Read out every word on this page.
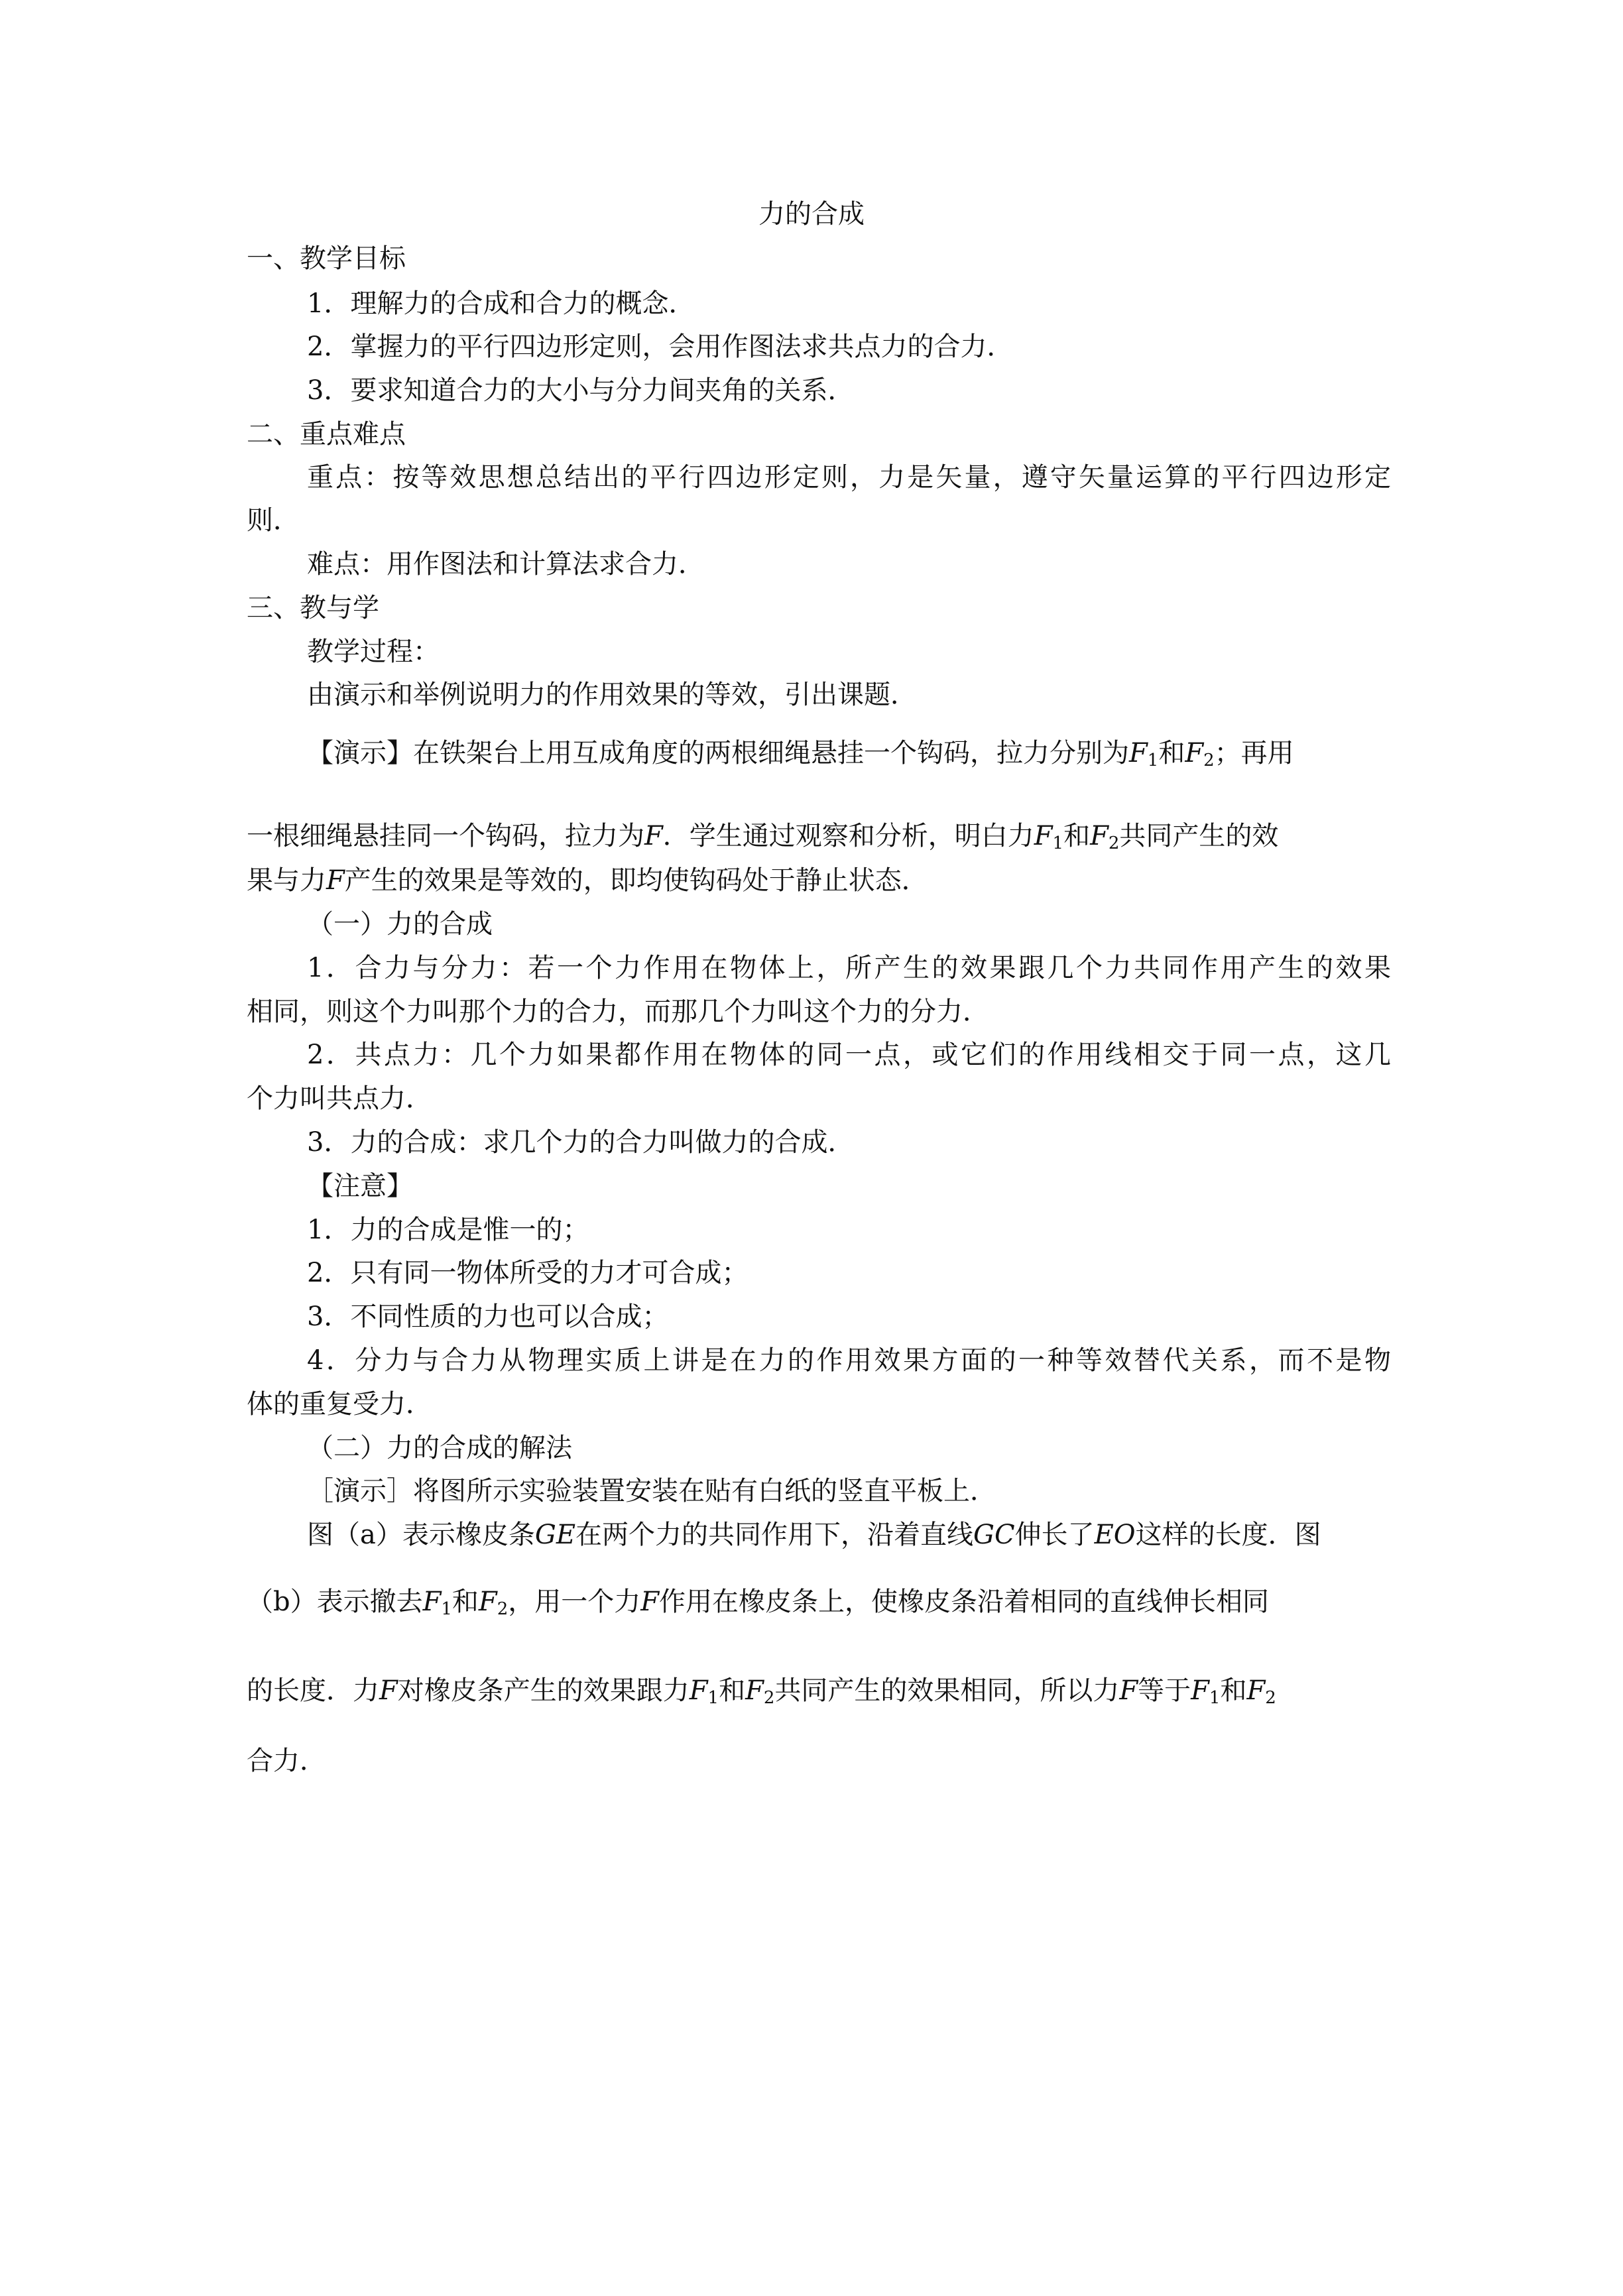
力的合成
一、教学目标
1．理解力的合成和合力的概念．
2．掌握力的平行四边形定则，会用作图法求共点力的合力．
3．要求知道合力的大小与分力间夹角的关系．
二、重点难点
重点：按等效思想总结出的平行四边形定则，力是矢量，遵守矢量运算的平行四边形定
则．
难点：用作图法和计算法求合力．
三、教与学
教学过程：
由演示和举例说明力的作用效果的等效，引出课题．
【演示】在铁架台上用互成角度的两根细绳悬挂一个钩码，拉力分别为$F_1$和$F_2$；再用
一根细绳悬挂同一个钩码，拉力为F．学生通过观察和分析，明白力$F_1$和$F_2$共同产生的效
果与力F产生的效果是等效的，即均使钩码处于静止状态．
（一）力的合成
1．合力与分力：若一个力作用在物体上，所产生的效果跟几个力共同作用产生的效果
相同，则这个力叫那个力的合力，而那几个力叫这个力的分力．
2．共点力：几个力如果都作用在物体的同一点，或它们的作用线相交于同一点，这几
个力叫共点力．
3．力的合成：求几个力的合力叫做力的合成．
【注意】
1．力的合成是惟一的；
2．只有同一物体所受的力才可合成；
3．不同性质的力也可以合成；
4．分力与合力从物理实质上讲是在力的作用效果方面的一种等效替代关系，而不是物
体的重复受力．
（二）力的合成的解法
［演示］将图所示实验装置安装在贴有白纸的竖直平板上．
图（a）表示橡皮条GE在两个力的共同作用下，沿着直线GC伸长了EO这样的长度．图
（b）表示撤去$F_1$和$F_2$，用一个力F作用在橡皮条上，使橡皮条沿着相同的直线伸长相同
的长度．力F对橡皮条产生的效果跟力$F_1$和$F_2$共同产生的效果相同，所以力F等于$F_1$和$F_2$
合力．
